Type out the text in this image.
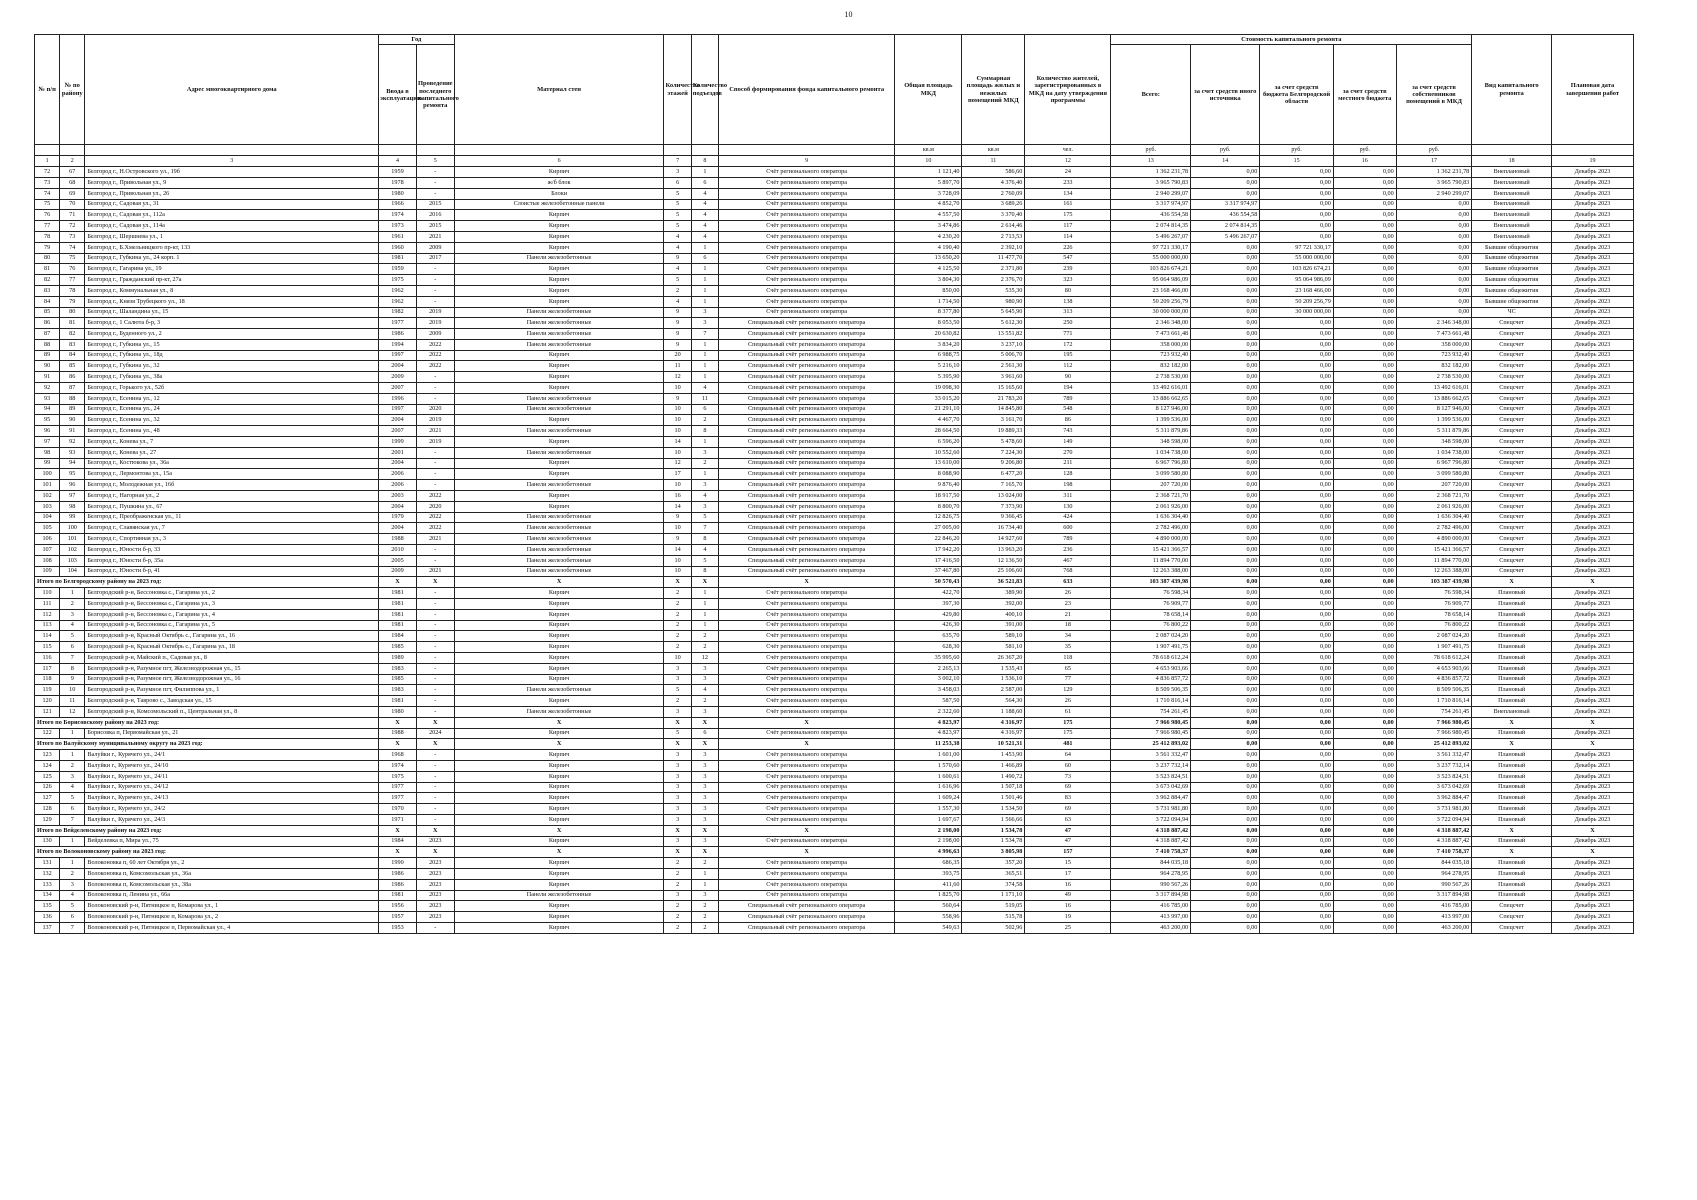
10
№ п/п	№ по району	Адрес многоквартирного дома	Год		Материал стен	Количество этажей	Количество подъездов	Способ формирования фонда капитального ремонта	Общая площадь МКД	Суммарная площадь жилых и нежилых помещений МКД	Количество жителей, зарегистрированных в МКД на дату утверждения программы	Стоимость капитального ремонта					Вид капитального ремонта	Плановая дата завершения работ
			Ввода в эксплуатацию	Проведение последнего капитального ремонта								Всего:	за счет средств иного источника	за счет средств бюджета Белгородской области	за счет средств местного бюджета	за счет средств собственников помещений в МКД		
									кв.м	кв.м	чел.	руб.	руб.	руб.	руб.	руб.		
1	2	3	4	5	6	7	8	9	10	11	12	13	14	15	16	17	18	19
72	67	Белгород г., Н.Островского ул., 19б	1959	-	Кирпич	3	1	Счёт регионального оператора	1 121,40	586,60	24	1 362 231,78	0,00	0,00	0,00	1 362 231,78	Внеплановый	Декабрь 2023
73	68	Белгород г., Привольная ул., 9	1978	-	ж/б блок	6	6	Счёт регионального оператора	5 897,70	4 376,40	233	3 965 790,83	0,00	0,00	0,00	3 965 790,83	Внеплановый	Декабрь 2023
74	69	Белгород г., Привольная ул., 26	1980	-	Блоки	5	4	Счёт регионального оператора	3 728,09	2 760,09	134	2 940 299,07	0,00	0,00	0,00	2 940 299,07	Внеплановый	Декабрь 2023
75	70	Белгород г., Садовая ул., 31	1966	2015	Слоистые железобетонные панели	5	4	Счёт регионального оператора	4 852,70	3 689,26	161	3 317 974,97	3 317 974,97	0,00	0,00	0,00	Внеплановый	Декабрь 2023
76	71	Белгород г., Садовая ул., 112а	1974	2016	Кирпич	5	4	Счёт регионального оператора	4 557,50	3 370,40	175	436 554,58	436 554,58	0,00	0,00	0,00	Внеплановый	Декабрь 2023
77	72	Белгород г., Садовая ул., 114а	1973	2015	Кирпич	5	4	Счёт регионального оператора	3 474,86	2 614,46	117	2 074 814,35	2 074 814,35	0,00	0,00	0,00	Внеплановый	Декабрь 2023
78	73	Белгород г., Шершнева ул., 1	1961	2021	Кирпич	4	4	Счёт регионального оператора	4 230,20	2 713,53	114	5 496 267,07	5 496 267,07	0,00	0,00	0,00	Внеплановый	Декабрь 2023
79	74	Белгород г., Б.Хмельницкого пр-кт, 133	1960	2009	Кирпич	4	1	Счёт регионального оператора	4 190,40	2 392,10	226	97 721 330,17	0,00	97 721 330,17	0,00	0,00	Бывшие общежития	Декабрь 2023
80	75	Белгород г., Губкина ул., 24 корп. 1	1981	2017	Панели железобетонные	9	6	Счёт регионального оператора	13 650,20	11 477,70	547	55 000 000,00	0,00	55 000 000,00	0,00	0,00	Бывшие общежития	Декабрь 2023
81	76	Белгород г., Гагарина ул., 19	1959	-	Кирпич	4	1	Счёт регионального оператора	4 125,50	2 371,80	239	103 826 674,21	0,00	103 826 674,21	0,00	0,00	Бывшие общежития	Декабрь 2023
82	77	Белгород г., Гражданский пр-кт, 27а	1975	-	Кирпич	5	1	Счёт регионального оператора	3 804,30	2 376,70	323	95 064 986,09	0,00	95 064 986,09	0,00	0,00	Бывшие общежития	Декабрь 2023
83	78	Белгород г., Коммунальная ул., 8	1962	-	Кирпич	2	1	Счёт регионального оператора	850,00	535,30	80	23 168 466,00	0,00	23 168 466,00	0,00	0,00	Бывшие общежития	Декабрь 2023
84	79	Белгород г., Князя Трубецкого ул., 18	1962	-	Кирпич	4	1	Счёт регионального оператора	1 714,50	980,90	138	50 209 256,79	0,00	50 209 256,79	0,00	0,00	Бывшие общежития	Декабрь 2023
85	80	Белгород г., Шаландина ул., 15	1982	2019	Панели железобетонные	9	3	Счёт регионального оператора	8 377,80	5 645,90	313	30 000 000,00	0,00	30 000 000,00	0,00	0,00	ЧС	Декабрь 2023
86	81	Белгород г., 1 Салюта б-р, 3	1977	2019	Панели железобетонные	9	3	Специальный счёт регионального оператора	8 053,50	5 612,30	250	2 346 348,00	0,00	0,00	0,00	2 346 348,00	Спецсчет	Декабрь 2023
87	82	Белгород г., Буденного ул., 2	1986	2009	Панели железобетонные	9	7	Специальный счёт регионального оператора	20 630,82	13 551,82	771	7 473 661,48	0,00	0,00	0,00	7 473 661,48	Спецсчет	Декабрь 2023
88	83	Белгород г., Губкина ул., 15	1994	2022	Панели железобетонные	9	1	Специальный счёт регионального оператора	3 834,20	3 237,10	172	358 000,00	0,00	0,00	0,00	358 000,00	Спецсчет	Декабрь 2023
89	84	Белгород г., Губкина ул., 18д	1997	2022	Кирпич	20	1	Специальный счёт регионального оператора	6 988,75	5 006,70	195	723 932,40	0,00	0,00	0,00	723 932,40	Спецсчет	Декабрь 2023
90	85	Белгород г., Губкина ул., 32	2004	2022	Кирпич	11	1	Специальный счёт регионального оператора	5 216,10	2 561,30	112	832 182,00	0,00	0,00	0,00	832 182,00	Спецсчет	Декабрь 2023
91	86	Белгород г., Губкина ул., 38а	2009	-	Кирпич	12	1	Специальный счёт регионального оператора	5 395,90	3 961,60	90	2 738 530,00	0,00	0,00	0,00	2 738 530,00	Спецсчет	Декабрь 2023
92	87	Белгород г., Горького ул., 52б	2007	-	Кирпич	10	4	Специальный счёт регионального оператора	19 098,30	15 165,60	194	13 492 616,01	0,00	0,00	0,00	13 492 616,01	Спецсчет	Декабрь 2023
93	88	Белгород г., Есенина ул., 12	1996	-	Панели железобетонные	9	11	Специальный счёт регионального оператора	33 015,20	21 783,20	789	13 886 662,65	0,00	0,00	0,00	13 886 662,65	Спецсчет	Декабрь 2023
94	89	Белгород г., Есенина ул., 24	1997	2020	Панели железобетонные	10	6	Специальный счёт регионального оператора	21 291,10	14 845,80	548	8 127 946,00	0,00	0,00	0,00	8 127 946,00	Спецсчет	Декабрь 2023
95	90	Белгород г., Есенина ул., 32	2004	2019	Кирпич	10	2	Специальный счёт регионального оператора	4 467,70	3 161,70	86	1 399 536,00	0,00	0,00	0,00	1 399 536,00	Спецсчет	Декабрь 2023
96	91	Белгород г., Есенина ул., 48	2007	2021	Панели железобетонные	10	8	Специальный счёт регионального оператора	28 664,50	19 889,33	743	5 311 879,86	0,00	0,00	0,00	5 311 879,86	Спецсчет	Декабрь 2023
97	92	Белгород г., Конева ул., 7	1999	2019	Кирпич	14	1	Специальный счёт регионального оператора	6 596,20	5 478,60	149	348 598,00	0,00	0,00	0,00	348 598,00	Спецсчет	Декабрь 2023
98	93	Белгород г., Конева ул., 27	2001	-	Панели железобетонные	10	3	Специальный счёт регионального оператора	10 552,60	7 224,30	270	1 034 738,00	0,00	0,00	0,00	1 034 738,00	Спецсчет	Декабрь 2023
99	94	Белгород г., Костюкова ул., 36а	2004	-	Кирпич	12	2	Специальный счёт регионального оператора	13 610,00	9 206,80	211	6 967 796,80	0,00	0,00	0,00	6 967 796,80	Спецсчет	Декабрь 2023
100	95	Белгород г., Лермонтова ул., 15а	2006	-	Кирпич	17	1	Специальный счёт регионального оператора	8 088,90	6 477,20	128	3 099 580,80	0,00	0,00	0,00	3 099 580,80	Спецсчет	Декабрь 2023
101	96	Белгород г., Молодежная ул., 16б	2006	-	Панели железобетонные	10	3	Специальный счёт регионального оператора	9 876,40	7 165,70	198	207 720,00	0,00	0,00	0,00	207 720,00	Спецсчет	Декабрь 2023
102	97	Белгород г., Нагорная ул., 2	2003	2022	Кирпич	16	4	Специальный счёт регионального оператора	18 917,50	13 024,00	311	2 368 721,70	0,00	0,00	0,00	2 368 721,70	Спецсчет	Декабрь 2023
103	98	Белгород г., Пушкина ул., 67	2004	2020	Кирпич	14	3	Специальный счёт регионального оператора	8 800,70	7 373,90	130	2 061 926,00	0,00	0,00	0,00	2 061 926,00	Спецсчет	Декабрь 2023
104	99	Белгород г., Преображенская ул., 11	1979	2022	Панели железобетонные	9	5	Специальный счёт регионального оператора	12 826,75	9 366,45	424	1 636 304,40	0,00	0,00	0,00	1 636 304,40	Спецсчет	Декабрь 2023
105	100	Белгород г., Славянская ул., 7	2004	2022	Панели железобетонные	10	7	Специальный счёт регионального оператора	27 005,00	16 734,40	600	2 782 496,00	0,00	0,00	0,00	2 782 496,00	Спецсчет	Декабрь 2023
106	101	Белгород г., Спортивная ул., 3	1988	2021	Панели железобетонные	9	8	Специальный счёт регионального оператора	22 846,20	14 927,60	789	4 890 000,00	0,00	0,00	0,00	4 890 000,00	Спецсчет	Декабрь 2023
107	102	Белгород г., Юности б-р, 33	2010	-	Панели железобетонные	14	4	Специальный счёт регионального оператора	17 942,20	13 963,20	236	15 421 366,57	0,00	0,00	0,00	15 421 366,57	Спецсчет	Декабрь 2023
108	103	Белгород г., Юности б-р, 35а	2005	-	Панели железобетонные	10	5	Специальный счёт регионального оператора	17 416,50	12 136,50	467	11 894 770,00	0,00	0,00	0,00	11 894 770,00	Спецсчет	Декабрь 2023
109	104	Белгород г., Юности б-р, 41	2009	2021	Панели железобетонные	10	8	Специальный счёт регионального оператора	37 467,80	25 106,60	768	12 263 388,00	0,00	0,00	0,00	12 263 388,00	Спецсчет	Декабрь 2023
Итого по Белгородскому району на 2023 год:			X	X	X	X	X	X	50 570,43	36 521,83	633	103 387 439,98	0,00	0,00	0,00	103 387 439,98	X	X
110	1	Белгородский р-н, Бессоновка с., Гагарина ул., 2	1981	-	Кирпич	2	1	Счёт регионального оператора	422,70	389,90	26	76 598,34	0,00	0,00	0,00	76 598,34	Плановый	Декабрь 2023
111	2	Белгородский р-н, Бессоновка с., Гагарина ул., 3	1981	-	Кирпич	2	1	Счёт регионального оператора	397,30	392,00	23	76 909,77	0,00	0,00	0,00	76 909,77	Плановый	Декабрь 2023
112	3	Белгородский р-н, Бессоновка с., Гагарина ул., 4	1981	-	Кирпич	2	1	Счёт регионального оператора	429,80	400,10	21	78 658,14	0,00	0,00	0,00	78 658,14	Плановый	Декабрь 2023
113	4	Белгородский р-н, Бессоновка с., Гагарина ул., 5	1981	-	Кирпич	2	1	Счёт регионального оператора	426,30	391,00	18	76 800,22	0,00	0,00	0,00	76 800,22	Плановый	Декабрь 2023
114	5	Белгородский р-н, Красный Октябрь с., Гагарина ул., 16	1984	-	Кирпич	2	2	Счёт регионального оператора	635,70	589,10	34	2 087 024,20	0,00	0,00	0,00	2 087 024,20	Плановый	Декабрь 2023
115	6	Белгородский р-н, Красный Октябрь с., Гагарина ул., 18	1985	-	Кирпич	2	2	Счёт регионального оператора	628,30	581,10	35	1 907 491,75	0,00	0,00	0,00	1 907 491,75	Плановый	Декабрь 2023
116	7	Белгородский р-н, Майский п., Садовая ул., 8	1989	-	Кирпич	10	12	Счёт регионального оператора	35 995,60	26 367,20	118	78 618 612,24	0,00	0,00	0,00	78 618 612,24	Плановый	Декабрь 2023
117	8	Белгородский р-н, Разумное пгт, Железнодорожная ул., 15	1983	-	Кирпич	3	3	Счёт регионального оператора	2 265,13	1 535,43	65	4 653 903,66	0,00	0,00	0,00	4 653 903,66	Плановый	Декабрь 2023
118	9	Белгородский р-н, Разумное пгт, Железнодорожная ул., 16	1985	-	Кирпич	3	3	Счёт регионального оператора	3 002,10	1 536,10	77	4 836 857,72	0,00	0,00	0,00	4 836 857,72	Плановый	Декабрь 2023
119	10	Белгородский р-н, Разумное пгт, Филиппова ул., 1	1983	-	Панели железобетонные	5	4	Счёт регионального оператора	3 458,03	2 587,00	129	8 509 506,35	0,00	0,00	0,00	8 509 506,35	Плановый	Декабрь 2023
120	11	Белгородский р-н, Таврово с., Заводская ул., 15	1981	-	Кирпич	2	2	Счёт регионального оператора	587,50	564,30	26	1 710 816,14	0,00	0,00	0,00	1 710 816,14	Плановый	Декабрь 2023
121	12	Белгородский р-н, Комсомольский п., Центральная ул., 8	1980	-	Панели железобетонные	3	3	Счёт регионального оператора	2 322,60	1 188,60	61	754 261,45	0,00	0,00	0,00	754 261,45	Внеплановый	Декабрь 2023
Итого по Борисовскому району на 2023 год:			X	X	X	X	X	X	4 823,97	4 316,97	175	7 966 980,45	0,00	0,00	0,00	7 966 980,45	X	X
122	1	Борисовка п, Первомайская ул., 21	1988	2024	Кирпич	5	6	Счёт регионального оператора	4 823,97	4 316,97	175	7 966 980,45	0,00	0,00	0,00	7 966 980,45	Плановый	Декабрь 2023
Итого по Валуйскому муниципальному округу на 2023 год:			X	X	X	X	X	X	11 253,38	10 521,31	481	25 412 893,02	0,00	0,00	0,00	25 412 893,02	X	X
123	1	Валуйки г., Курячего ул., 24/1	1968	-	Кирпич	3	3	Счёт регионального оператора	1 601,00	1 453,90	64	3 561 332,47	0,00	0,00	0,00	3 561 332,47	Плановый	Декабрь 2023
124	2	Валуйки г., Курячего ул., 24/10	1974	-	Кирпич	3	3	Счёт регионального оператора	1 570,60	1 466,89	60	3 237 732,14	0,00	0,00	0,00	3 237 732,14	Плановый	Декабрь 2023
125	3	Валуйки г., Курячего ул., 24/11	1975	-	Кирпич	3	3	Счёт регионального оператора	1 600,61	1 490,72	73	3 523 824,51	0,00	0,00	0,00	3 523 824,51	Плановый	Декабрь 2023
126	4	Валуйки г., Курячего ул., 24/12	1977	-	Кирпич	3	3	Счёт регионального оператора	1 616,96	1 507,18	69	3 673 042,69	0,00	0,00	0,00	3 673 042,69	Плановый	Декабрь 2023
127	5	Валуйки г., Курячего ул., 24/13	1977	-	Кирпич	3	3	Счёт регионального оператора	1 609,24	1 501,46	83	3 962 884,47	0,00	0,00	0,00	3 962 884,47	Плановый	Декабрь 2023
128	6	Валуйки г., Курячего ул., 24/2	1970	-	Кирпич	3	3	Счёт регионального оператора	1 557,30	1 534,50	69	3 731 981,80	0,00	0,00	0,00	3 731 981,80	Плановый	Декабрь 2023
129	7	Валуйки г., Курячего ул., 24/3	1971	-	Кирпич	3	3	Счёт регионального оператора	1 697,67	1 566,66	63	3 722 094,94	0,00	0,00	0,00	3 722 094,94	Плановый	Декабрь 2023
Итого по Вейделевскому району на 2023 год:			X	X	X	X	X	X	2 198,00	1 534,78	47	4 318 887,42	0,00	0,00	0,00	4 318 887,42	X	X
130	1	Вейделевка п, Мира ул., 75	1984	2023	Кирпич	3	3	Счёт регионального оператора	2 198,00	1 534,78	47	4 318 887,42	0,00	0,00	0,00	4 318 887,42	Плановый	Декабрь 2023
Итого по Волоконовскому району на 2023 год:			X	X	X	X	X	X	4 996,63	3 805,98	157	7 410 758,37	0,00	0,00	0,00	7 410 758,37	X	X
131	1	Волоконовка п, 60 лет Октября ул., 2	1990	2023	Кирпич	2	2	Счёт регионального оператора	686,35	357,20	15	844 035,18	0,00	0,00	0,00	844 035,18	Плановый	Декабрь 2023
132	2	Волоконовка п, Комсомольская ул., 36а	1986	2023	Кирпич	2	1	Счёт регионального оператора	393,75	365,51	17	964 278,95	0,00	0,00	0,00	964 278,95	Плановый	Декабрь 2023
133	3	Волоконовка п, Комсомольская ул., 38а	1986	2023	Кирпич	2	1	Счёт регионального оператора	411,60	374,58	16	990 567,26	0,00	0,00	0,00	990 567,26	Плановый	Декабрь 2023
134	4	Волоконовка п, Ленина ул., 66а	1981	2023	Панели железобетонные	3	3	Счёт регионального оператора	1 825,70	1 171,10	49	3 317 894,98	0,00	0,00	0,00	3 317 894,98	Плановый	Декабрь 2023
135	5	Волоконовский р-н, Пятницкое п, Комарова ул., 1	1956	2023	Кирпич	2	2	Специальный счёт регионального оператора	560,64	519,05	16	416 785,00	0,00	0,00	0,00	416 785,00	Спецсчет	Декабрь 2023
136	6	Волоконовский р-н, Пятницкое п, Комарова ул., 2	1957	2023	Кирпич	2	2	Специальный счёт регионального оператора	558,96	515,78	19	413 997,00	0,00	0,00	0,00	413 997,00	Спецсчет	Декабрь 2023
137	7	Волоконовский р-н, Пятницкое п, Первомайская ул., 4	1953	-	Кирпич	2	2	Специальный счёт регионального оператора	549,63	502,96	25	463 200,00	0,00	0,00	0,00	463 200,00	Спецсчет	Декабрь 2023
